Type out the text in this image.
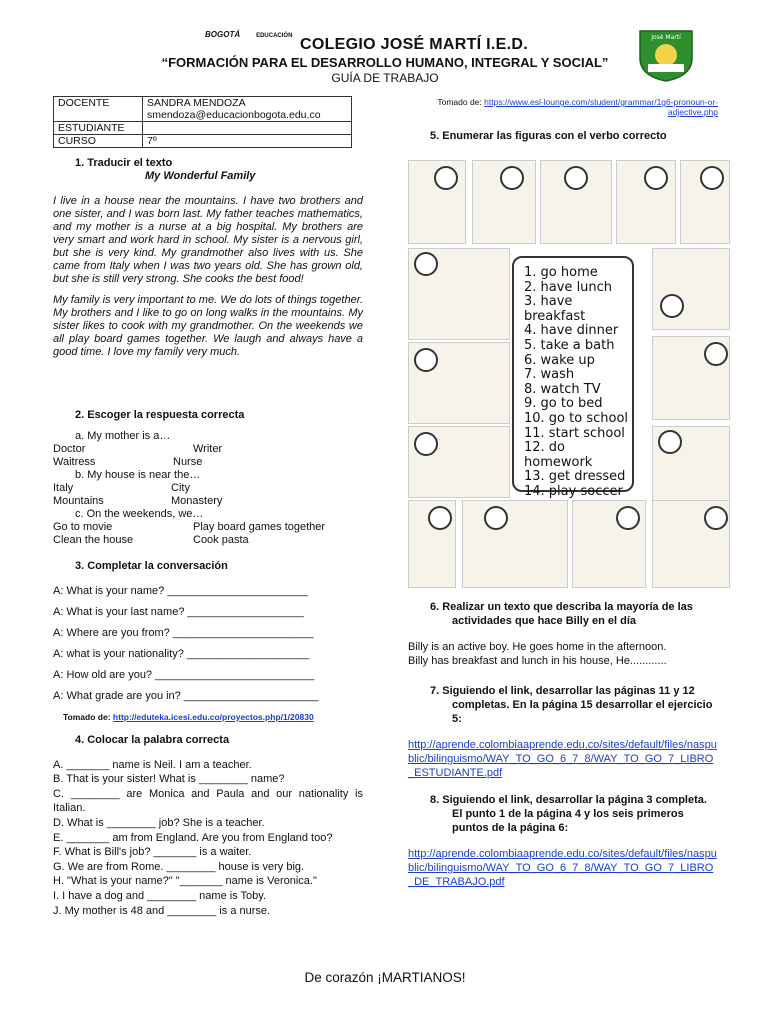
BOGOTÁ	EDUCACIÓN COLEGIO JOSÉ MARTÍ I.E.D.
“FORMACIÓN PARA EL DESARROLLO HUMANO, INTEGRAL Y SOCIAL”
GUÍA DE TRABAJO
José Martí
DOCENTE	SANDRA MENDOZA
smendoza@educacionbogota.edu.co

ESTUDIANTE	
CURSO	7º
1. Traducir el texto
My Wonderful Family
I live in a house near the mountains. I have two brothers and one sister, and I was born last. My father teaches mathematics, and my mother is a nurse at a big hospital. My brothers are very smart and work hard in school. My sister is a nervous girl, but she is very kind. My grandmother also lives with us. She came from Italy when I was two years old. She has grown old, but she is still very strong. She cooks the best food!
My family is very important to me. We do lots of things together. My brothers and I like to go on long walks in the mountains. My sister likes to cook with my grandmother. On the weekends we all play board games together. We laugh and always have a good time. I love my family very much.
2. Escoger la respuesta correcta
a. My mother is a…
Doctor	Writer
Waitress	Nurse
b. My house is near the…
Italy	City
Mountains	Monastery
c. On the weekends, we…
Go to movie	Play board games together
Clean the house	Cook pasta
3. Completar la conversación
A: What is your name? _______________________
A: What is your last name? ___________________
A: Where are you from? _______________________
A: what is your nationality? ____________________
A: How old are you? __________________________
A: What grade are you in? ______________________
Tomado de: http://eduteka.icesi.edu.co/proyectos.php/1/20830
4. Colocar la palabra correcta
A. _______ name is Neil. I am a teacher.
B. That is your sister! What is ________ name?
C. ________ are Monica and Paula and our nationality is Italian.
D. What is ________ job? She is a teacher.
E. _______ am from England. Are you from England too?
F. What is Bill's job? _______ is a waiter.
G. We are from Rome. ________ house is very big.
H. "What is your name?" "_______ name is Veronica."
I. I have a dog and ________ name is Toby.
J. My mother is 48 and ________ is a nurse.
Tomado de: https://www.esl-lounge.com/student/grammar/1g6-pronoun-or-adjective.php
5. Enumerar las figuras con el verbo correcto
1. go home
2. have lunch
3. have breakfast
4. have dinner
5. take a bath
6. wake up
7. wash
8. watch TV
9. go to bed
10. go to school
11. start school
12. do homework
13. get dressed
14. play soccer
6. Realizar un texto que describa la mayoría de las actividades que hace Billy en el día
Billy is an active boy. He goes home in the afternoon.
Billy has breakfast and lunch in his house, He............
7. Siguiendo el link, desarrollar las páginas 11 y 12 completas. En la página 15 desarrollar el ejercicio 5:
http://aprende.colombiaaprende.edu.co/sites/default/files/naspublic/bilinguismo/WAY_TO_GO_6_7_8/WAY_TO_GO_7_LIBRO_ESTUDIANTE.pdf
8. Siguiendo el link, desarrollar la página 3 completa. El punto 1 de la página 4 y los seis primeros puntos de la página 6:
http://aprende.colombiaaprende.edu.co/sites/default/files/naspublic/bilinguismo/WAY_TO_GO_6_7_8/WAY_TO_GO_7_LIBRO_DE_TRABAJO.pdf
De corazón ¡MARTIANOS!
